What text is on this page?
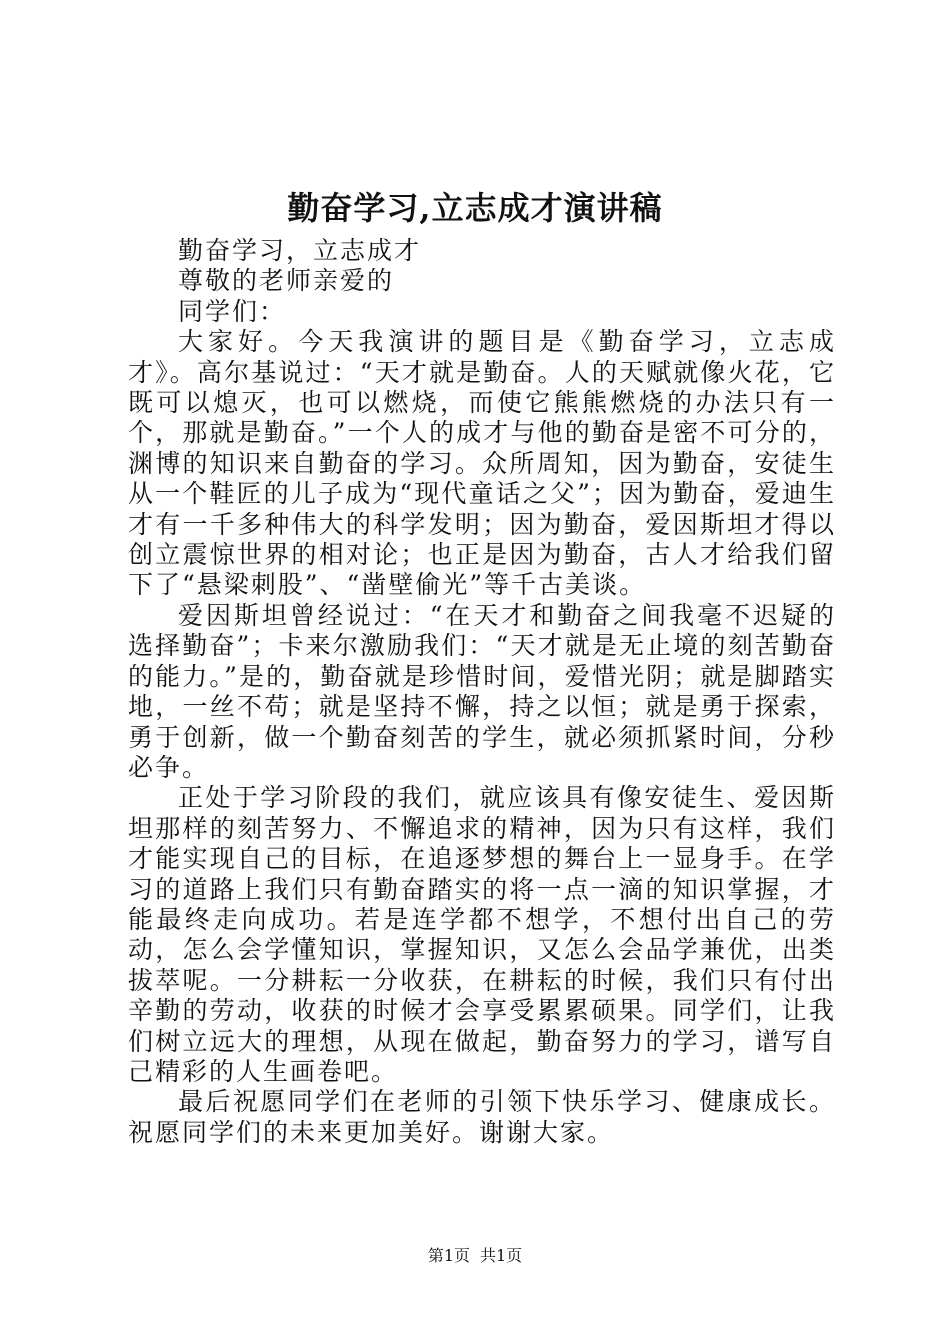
勤奋学习,立志成才演讲稿

勤奋学习，立志成才

尊敬的老师亲爱的

同学们：

大家好。今天我演讲的题目是《勤奋学习，立志成才》。高尔基说过：“天才就是勤奋。人的天赋就像火花，它既可以熄灭，也可以燃烧，而使它熊熊燃烧的办法只有一个，那就是勤奋。”一个人的成才与他的勤奋是密不可分的，渊博的知识来自勤奋的学习。众所周知，因为勤奋，安徒生从一个鞋匠的儿子成为“现代童话之父”；因为勤奋，爱迪生才有一千多种伟大的科学发明；因为勤奋，爱因斯坦才得以创立震惊世界的相对论；也正是因为勤奋，古人才给我们留下了“悬梁刺股”、“凿壁偷光”等千古美谈。

爱因斯坦曾经说过：“在天才和勤奋之间我毫不迟疑的选择勤奋”；卡来尔激励我们：“天才就是无止境的刻苦勤奋的能力。”是的，勤奋就是珍惜时间，爱惜光阴；就是脚踏实地，一丝不苟；就是坚持不懈，持之以恒；就是勇于探索，勇于创新，做一个勤奋刻苦的学生，就必须抓紧时间，分秒必争。

正处于学习阶段的我们，就应该具有像安徒生、爱因斯坦那样的刻苦努力、不懈追求的精神，因为只有这样，我们才能实现自己的目标，在追逐梦想的舞台上一显身手。在学习的道路上我们只有勤奋踏实的将一点一滴的知识掌握，才能最终走向成功。若是连学都不想学，不想付出自己的劳动，怎么会学懂知识，掌握知识，又怎么会品学兼优，出类拔萃呢。一分耕耘一分收获，在耕耘的时候，我们只有付出辛勤的劳动，收获的时候才会享受累累硕果。同学们，让我们树立远大的理想，从现在做起，勤奋努力的学习，谱写自己精彩的人生画卷吧。

最后祝愿同学们在老师的引领下快乐学习、健康成长。祝愿同学们的未来更加美好。谢谢大家。

第1页 共1页
